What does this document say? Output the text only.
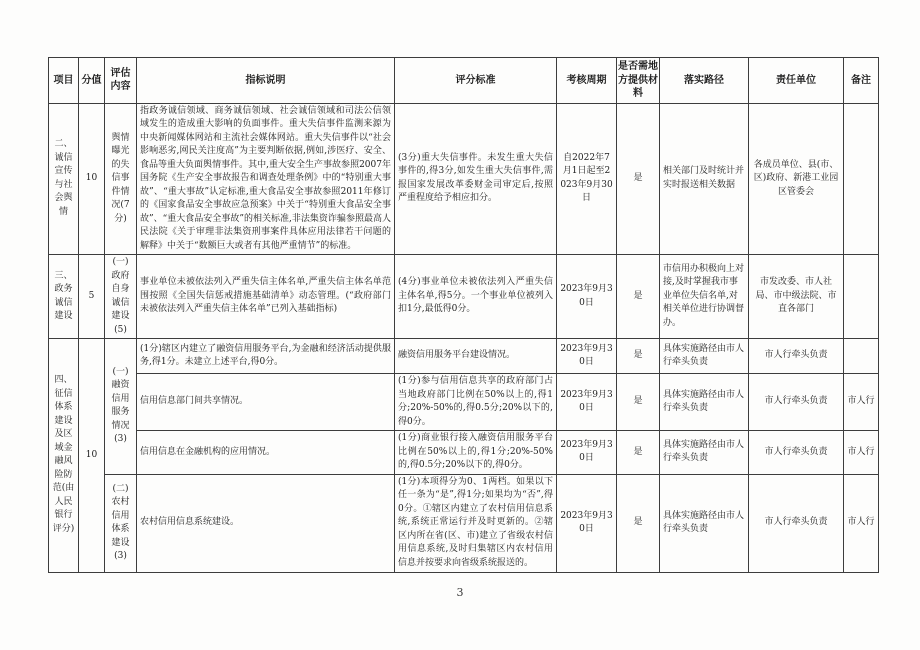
项目	分值	评估内容	指标说明	评分标准	考核周期	是否需地方提供材料	落实路径	责任单位	备注
二、诚信宣传与社会舆情	10	舆情曝光的失信事件情况(7分)	指政务诚信领域、商务诚信领域、社会诚信领域和司法公信领域发生的造成重大影响的负面事件。重大失信事件监测来源为中央新闻媒体网站和主流社会媒体网站。重大失信事件以“社会影响恶劣,网民关注度高”为主要判断依据,例如,涉医疗、安全、食品等重大负面舆情事件。其中,重大安全生产事故参照2007年国务院《生产安全事故报告和调查处理条例》中的“特别重大事故”、“重大事故”认定标准,重大食品安全事故参照2011年修订的《国家食品安全事故应急预案》中关于“特别重大食品安全事故”、“重大食品安全事故”的相关标准,非法集资诈骗参照最高人民法院《关于审理非法集资刑事案件具体应用法律若干问题的解释》中关于“数额巨大或者有其他严重情节”的标准。	(3分)重大失信事件。未发生重大失信事件的,得3分,如发生重大失信事件,需报国家发展改革委财金司审定后,按照严重程度给予相应扣分。	自2022年7月1日起至2023年9月30日	是	相关部门及时统计并实时报送相关数据	各成员单位、县(市、区)政府、新港工业园区管委会	
三、政务诚信建设	5	(一)政府自身诚信建设(5)	事业单位未被依法列入严重失信主体名单,严重失信主体名单范围按照《全国失信惩戒措施基础清单》动态管理。(“政府部门未被依法列入严重失信主体名单”已列入基础指标)	(4分)事业单位未被依法列入严重失信主体名单,得5分。一个事业单位被列入扣1分,最低得0分。	2023年9月30日	是	市信用办积极向上对接,及时掌握我市事业单位失信名单,对相关单位进行协调督办。	市发改委、市人社局、市中级法院、市直各部门	
四、征信体系建设及区域金融风险防范(由人民银行评分)	10	(一)融资信用服务情况(3)	(1分)辖区内建立了融资信用服务平台,为金融和经济活动提供服务,得1分。未建立上述平台,得0分。	融资信用服务平台建设情况。	2023年9月30日	是	具体实施路径由市人行牵头负责	市人行牵头负责	
			信用信息部门间共享情况。	(1分)参与信用信息共享的政府部门占当地政府部门比例在50%以上的,得1分;20%-50%的,得0.5分;20%以下的,得0分。	2023年9月30日	是	具体实施路径由市人行牵头负责	市人行牵头负责	市人行
			信用信息在金融机构的应用情况。	(1分)商业银行接入融资信用服务平台比例在50%以上的,得1分;20%-50%的,得0.5分;20%以下的,得0分。	2023年9月30日	是	具体实施路径由市人行牵头负责	市人行牵头负责	市人行
		(二)农村信用体系建设(3)	农村信用信息系统建设。	(1分)本项得分为0、1两档。如果以下任一条为“是”,得1分;如果均为“否”,得0分。①辖区内建立了农村信用信息系统,系统正常运行并及时更新的。②辖区内所在省(区、市)建立了省级农村信用信息系统,及时归集辖区内农村信用信息并按要求向省级系统报送的。	2023年9月30日	是	具体实施路径由市人行牵头负责	市人行牵头负责	市人行
3
